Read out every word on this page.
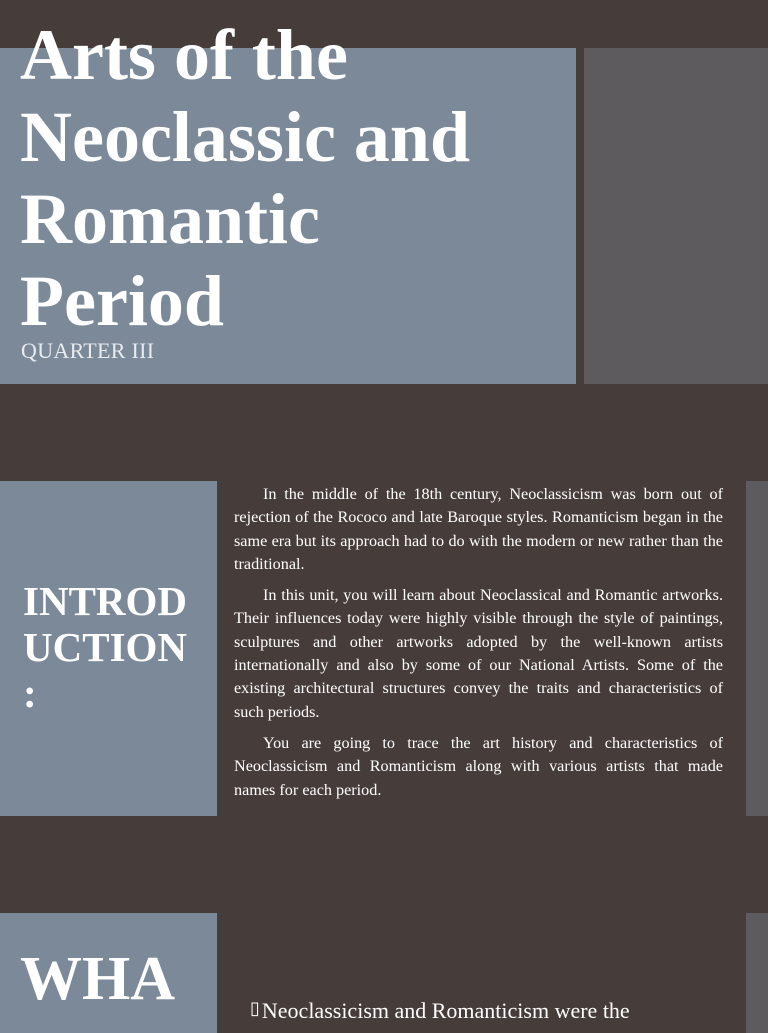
Arts of the
Neoclassic and
Romantic
Period

QUARTER III

INTROD
UCTION
:

In the middle of the 18th century, Neoclassicism was born out of rejection of the Rococo and late Baroque styles. Romanticism began in the same era but its approach had to do with the modern or new rather than the traditional.

In this unit, you will learn about Neoclassical and Romantic artworks. Their influences today were highly visible through the style of paintings, sculptures and other artworks adopted by the well-known artists internationally and also by some of our National Artists. Some of the existing architectural structures convey the traits and characteristics of such periods.

You are going to trace the art history and characteristics of Neoclassicism and Romanticism along with various artists that made names for each period.

WHA	▯Neoclassicism and Romanticism were the
